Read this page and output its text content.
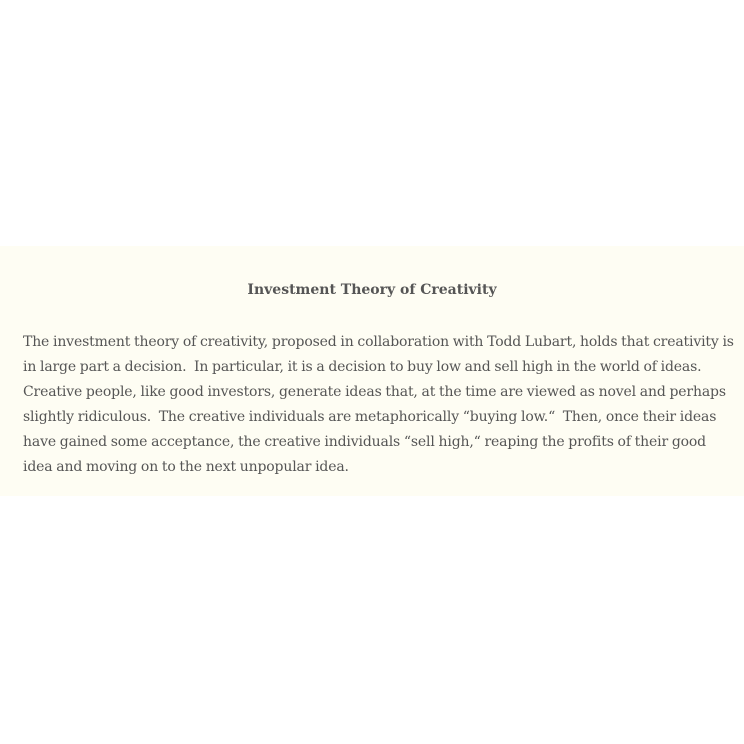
Investment Theory of Creativity

The investment theory of creativity, proposed in collaboration with Todd Lubart, holds that creativity is in large part a decision.  In particular, it is a decision to buy low and sell high in the world of ideas. Creative people, like good investors, generate ideas that, at the time are viewed as novel and perhaps slightly ridiculous.  The creative individuals are metaphorically “buying low.“  Then, once their ideas have gained some acceptance, the creative individuals “sell high,“ reaping the profits of their good idea and moving on to the next unpopular idea.
